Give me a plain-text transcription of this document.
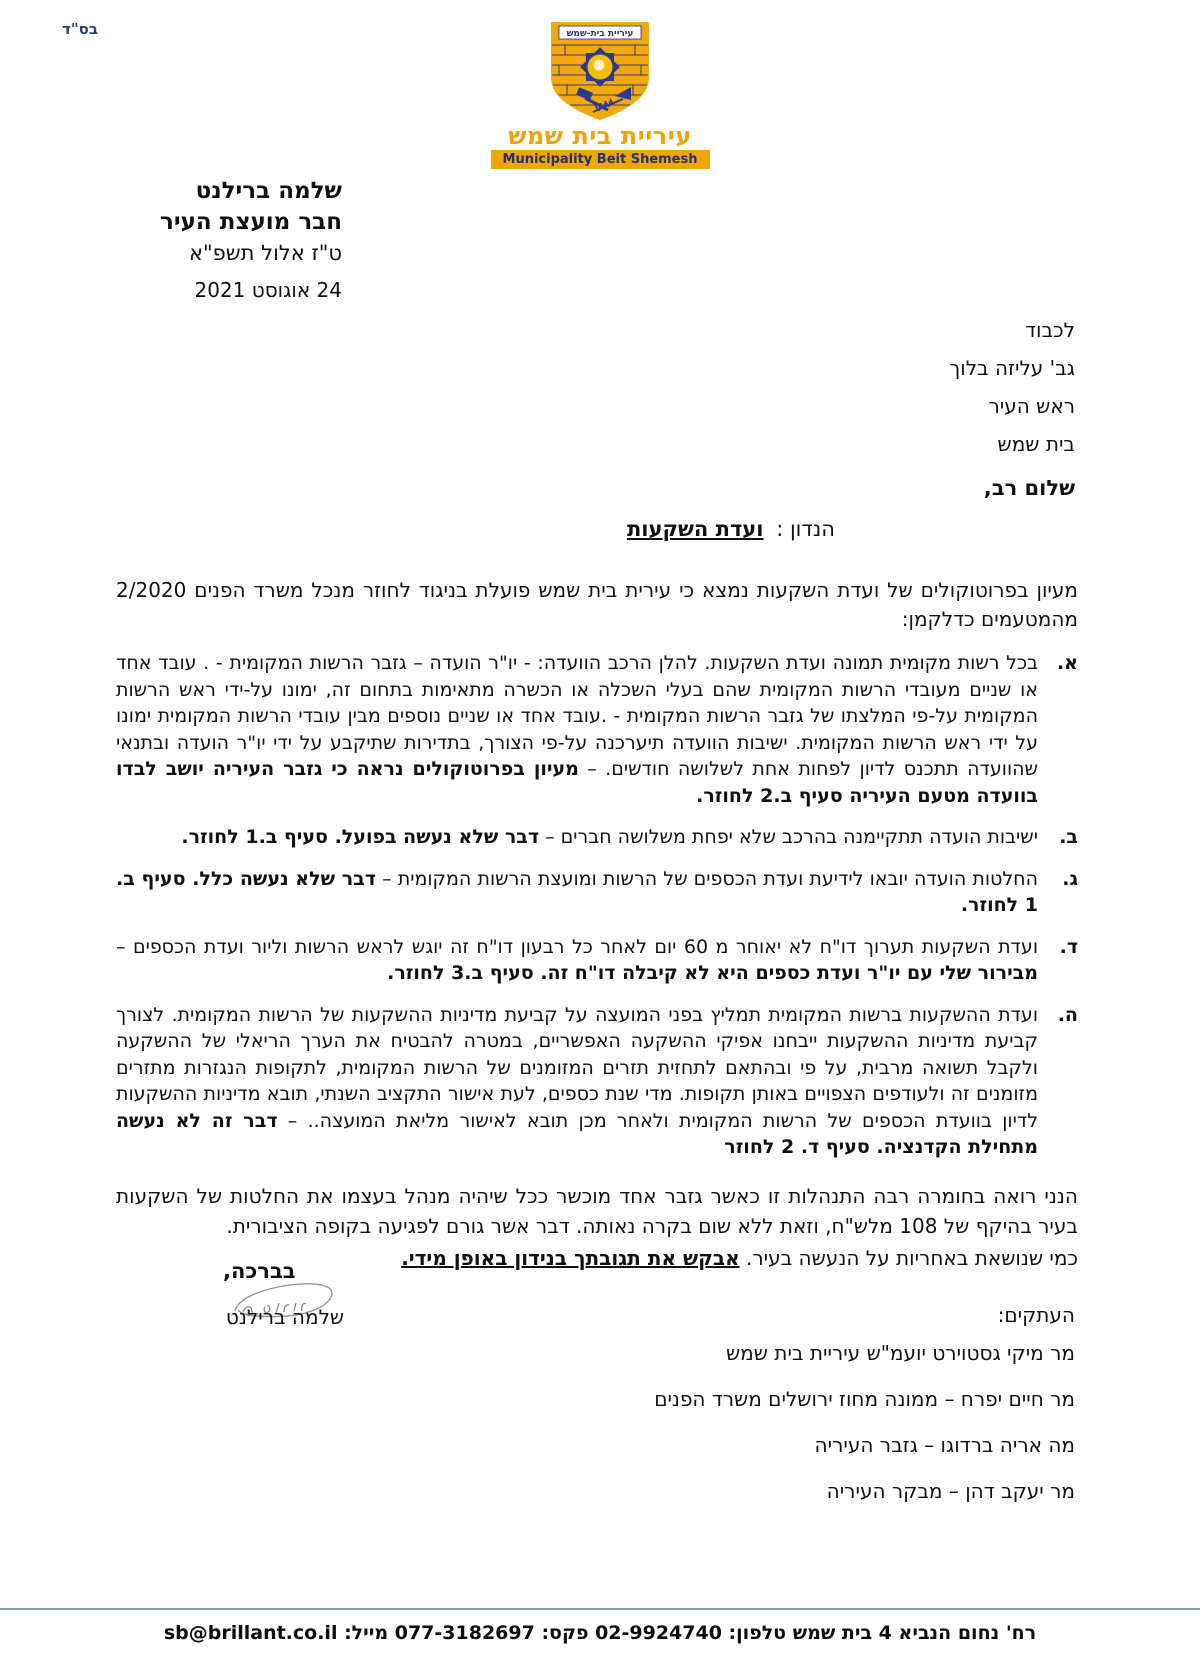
בס"ד	עיריית בית-שמש
עיריית בית שמש
Municipality Beit Shemesh
שלמה ברילנט
חבר מועצת העיר
ט"ז אלול תשפ"א
24 אוגוסט 2021
לכבוד
גב' עליזה בלוך
ראש העיר
בית שמש
שלום רב,
הנדון : ועדת השקעות

מעיון בפרוטוקולים של ועדת השקעות נמצא כי עירית בית שמש פועלת בניגוד לחוזר מנכל משרד הפנים 2/2020 מהמטעמים כדלקמן:

א.
בכל רשות מקומית תמונה ועדת השקעות. להלן הרכב הוועדה: - יו"ר הועדה – גזבר הרשות המקומית - . עובד אחד או שניים מעובדי הרשות המקומית שהם בעלי השכלה או הכשרה מתאימות בתחום זה, ימונו על-ידי ראש הרשות המקומית על-פי המלצתו של גזבר הרשות המקומית - .עובד אחד או שניים נוספים מבין עובדי הרשות המקומית ימונו על ידי ראש הרשות המקומית. ישיבות הוועדה תיערכנה על-פי הצורך, בתדירות שתיקבע על ידי יו"ר הועדה ובתנאי שהוועדה תתכנס לדיון לפחות אחת לשלושה חודשים. – מעיון בפרוטוקולים נראה כי גזבר העיריה יושב לבדו בוועדה מטעם העיריה סעיף ב.2 לחוזר.
ב.
ישיבות הועדה תתקיימנה בהרכב שלא יפחת משלושה חברים – דבר שלא נעשה בפועל. סעיף ב.1 לחוזר.
ג.
החלטות הועדה יובאו לידיעת ועדת הכספים של הרשות ומועצת הרשות המקומית – דבר שלא נעשה כלל. סעיף ב. 1 לחוזר.
ד.
ועדת השקעות תערוך דו"ח לא יאוחר מ 60 יום לאחר כל רבעון דו"ח זה יוגש לראש הרשות וליור ועדת הכספים – מבירור שלי עם יו"ר ועדת כספים היא לא קיבלה דו"ח זה. סעיף ב.3 לחוזר.
ה.
ועדת ההשקעות ברשות המקומית תמליץ בפני המועצה על קביעת מדיניות ההשקעות של הרשות המקומית. לצורך קביעת מדיניות ההשקעות ייבחנו אפיקי ההשקעה האפשריים, במטרה להבטיח את הערך הריאלי של ההשקעה ולקבל תשואה מרבית, על פי ובהתאם לתחזית תזרים המזומנים של הרשות המקומית, לתקופות הנגזרות מתזרים מזומנים זה ולעודפים הצפויים באותן תקופות. מדי שנת כספים, לעת אישור התקציב השנתי, תובא מדיניות ההשקעות לדיון בוועדת הכספים של הרשות המקומית ולאחר מכן תובא לאישור מליאת המועצה.. – דבר זה לא נעשה מתחילת הקדנציה. סעיף ד. 2 לחוזר

הנני רואה בחומרה רבה התנהלות זו כאשר גזבר אחד מוכשר ככל שיהיה מנהל בעצמו את החלטות של השקעות בעיר בהיקף של 108 מלש"ח, וזאת ללא שום בקרה נאותה. דבר אשר גורם לפגיעה בקופה הציבורית.

כמי שנושאת באחריות על הנעשה בעיר. אבקש את תגובתך בנידון באופן מידי.

בברכה,
שלמה ברילנט	העתקים:
מר מיקי גסטוירט יועמ"ש עיריית בית שמש
מר חיים יפרח – ממונה מחוז ירושלים משרד הפנים
מה אריה ברדוגו – גזבר העיריה
מר יעקב דהן – מבקר העיריה
רח' נחום הנביא 4 בית שמש טלפון: 02-9924740 פקס: 077-3182697 מייל: sb@brillant.co.il
